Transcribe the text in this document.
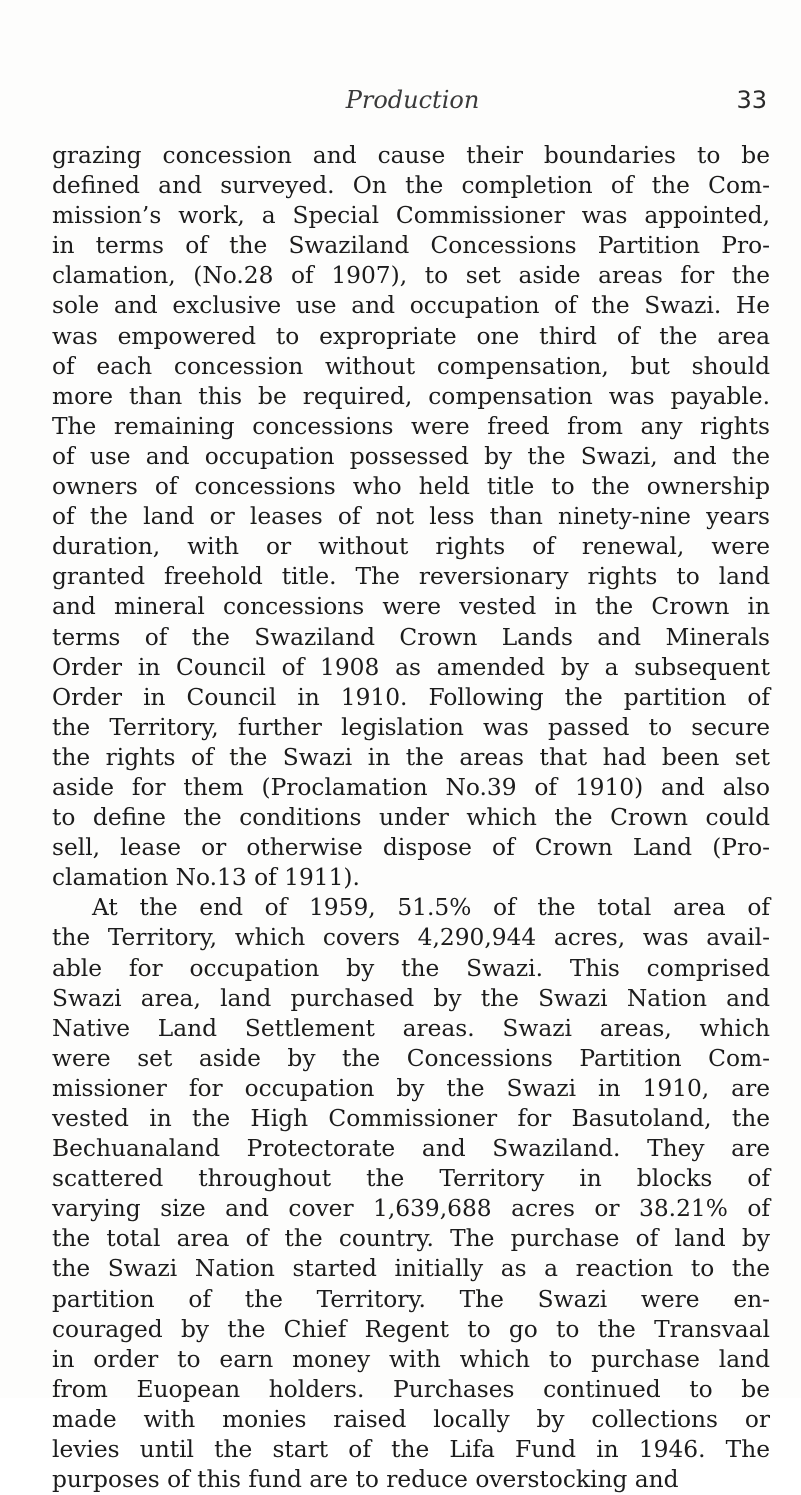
Production	33
grazing concession and cause their boundaries to be
defined and surveyed. On the completion of the Com-
mission’s work, a Special Commissioner was appointed,
in terms of the Swaziland Concessions Partition Pro-
clamation, (No.28 of 1907), to set aside areas for the
sole and exclusive use and occupation of the Swazi. He
was empowered to expropriate one third of the area
of each concession without compensation, but should
more than this be required, compensation was payable.
The remaining concessions were freed from any rights
of use and occupation possessed by the Swazi, and the
owners of concessions who held title to the ownership
of the land or leases of not less than ninety-nine years
duration, with or without rights of renewal, were
granted freehold title. The reversionary rights to land
and mineral concessions were vested in the Crown in
terms of the Swaziland Crown Lands and Minerals
Order in Council of 1908 as amended by a subsequent
Order in Council in 1910. Following the partition of
the Territory, further legislation was passed to secure
the rights of the Swazi in the areas that had been set
aside for them (Proclamation No.39 of 1910) and also
to define the conditions under which the Crown could
sell, lease or otherwise dispose of Crown Land (Pro-
clamation No.13 of 1911).
At the end of 1959, 51.5% of the total area of
the Territory, which covers 4,290,944 acres, was avail-
able for occupation by the Swazi. This comprised
Swazi area, land purchased by the Swazi Nation and
Native Land Settlement areas. Swazi areas, which
were set aside by the Concessions Partition Com-
missioner for occupation by the Swazi in 1910, are
vested in the High Commissioner for Basutoland, the
Bechuanaland Protectorate and Swaziland. They are
scattered throughout the Territory in blocks of
varying size and cover 1,639,688 acres or 38.21% of
the total area of the country. The purchase of land by
the Swazi Nation started initially as a reaction to the
partition of the Territory. The Swazi were en-
couraged by the Chief Regent to go to the Transvaal
in order to earn money with which to purchase land
from Euopean holders. Purchases continued to be
made with monies raised locally by collections or
levies until the start of the Lifa Fund in 1946. The
purposes of this fund are to reduce overstocking and
